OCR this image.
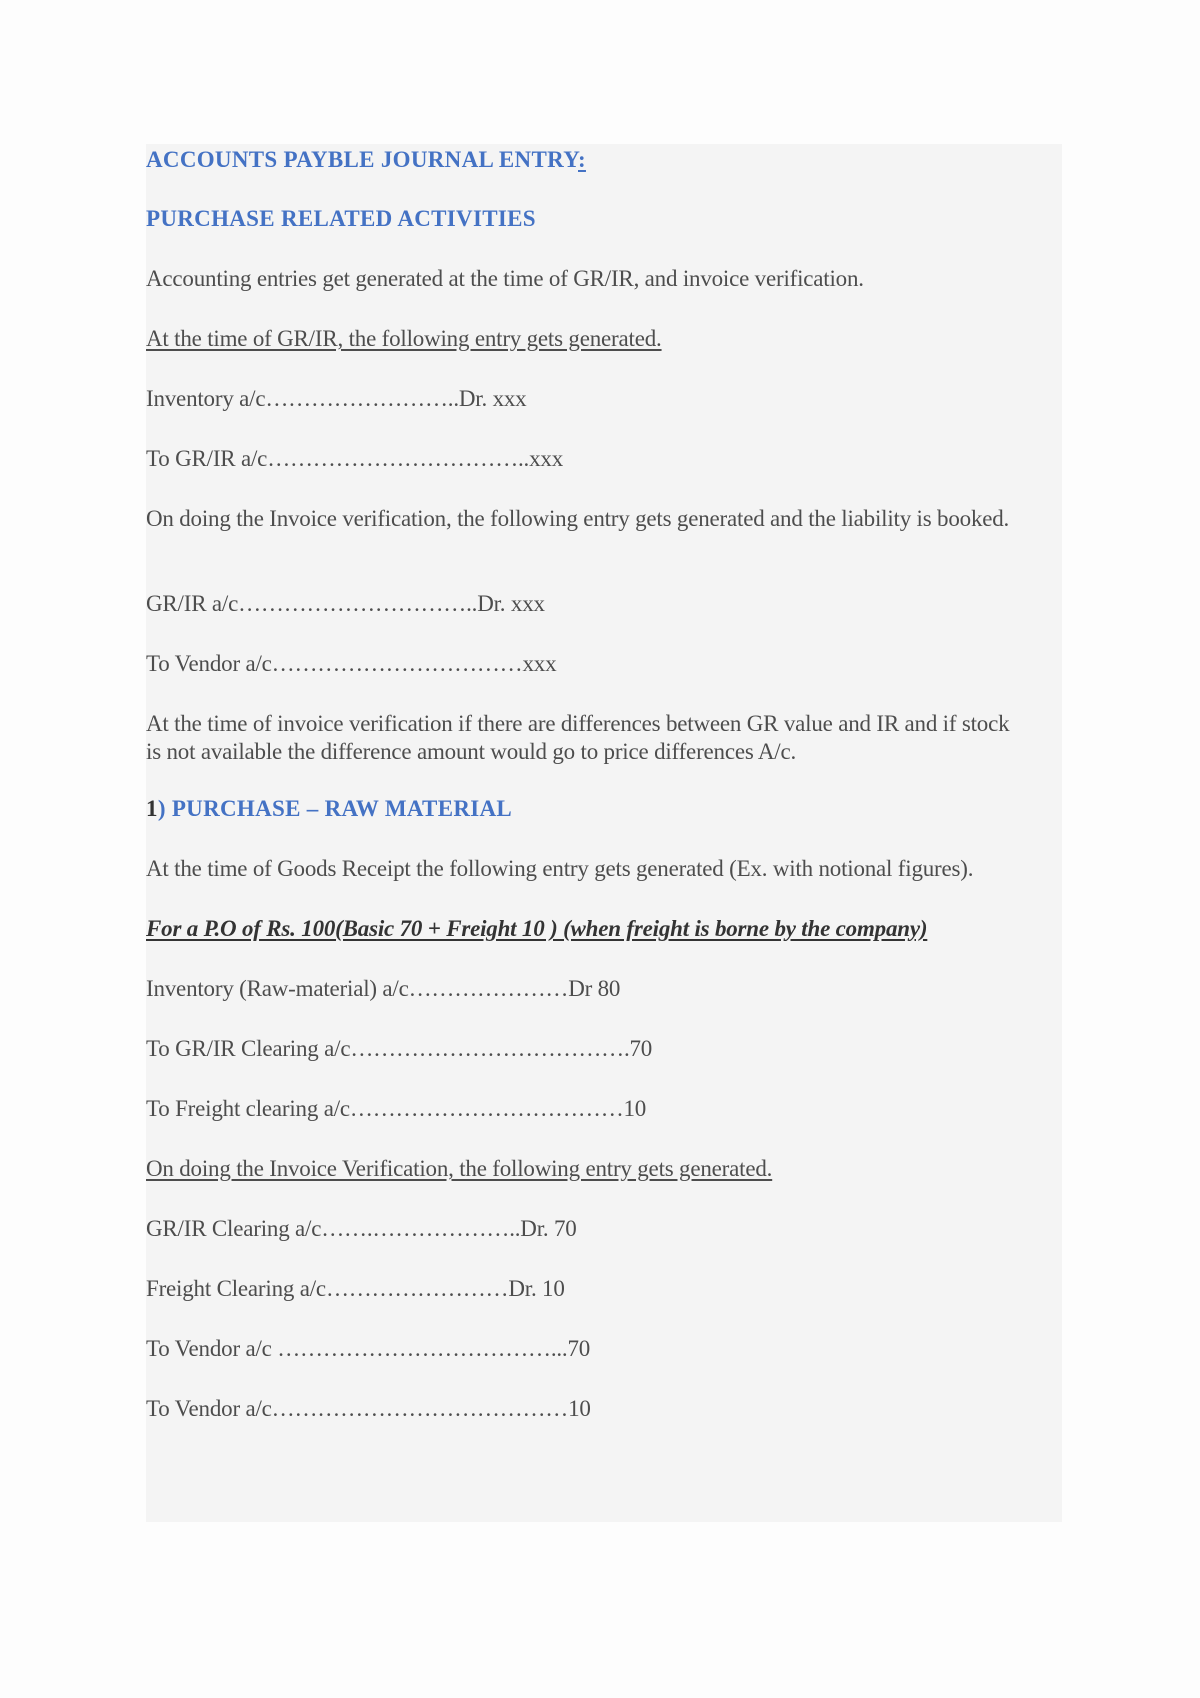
ACCOUNTS PAYBLE JOURNAL ENTRY:

PURCHASE RELATED ACTIVITIES

Accounting entries get generated at the time of GR/IR, and invoice verification.

At the time of GR/IR, the following entry gets generated.

Inventory a/c……………………..Dr. xxx

To GR/IR a/c……………………………..xxx

On doing the Invoice verification, the following entry gets generated and the liability is booked.

GR/IR a/c…………………………..Dr. xxx

To Vendor a/c……………………………xxx

At the time of invoice verification if there are differences between GR value and IR and if stock is not available the difference amount would go to price differences A/c.

1) PURCHASE – RAW MATERIAL

At the time of Goods Receipt the following entry gets generated (Ex. with notional figures).

For a P.O of Rs. 100(Basic 70 + Freight 10 ) (when freight is borne by the company)

Inventory (Raw-material) a/c…………………Dr 80

To GR/IR Clearing a/c……………………………….70

To Freight clearing a/c………………………………10

On doing the Invoice Verification, the following entry gets generated.

GR/IR Clearing a/c…….………………..Dr. 70

Freight Clearing a/c……………………Dr. 10

To Vendor a/c ………………………………...70

To Vendor a/c…………………………………10
